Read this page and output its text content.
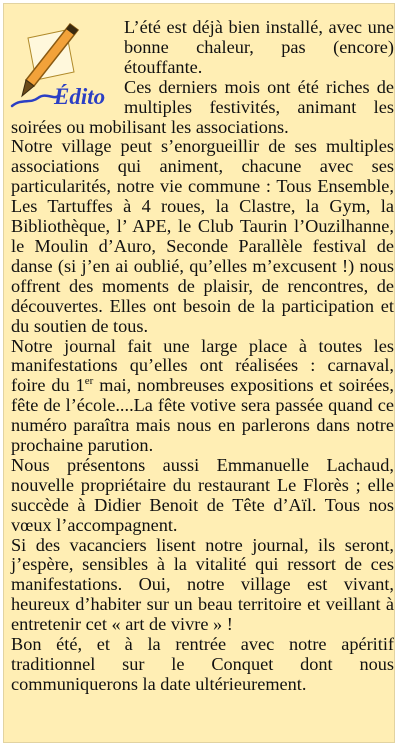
Édito

L’été est déjà bien installé, avec une bonne chaleur, pas (encore) étouffante.

Ces derniers mois ont été riches de multiples festivités, animant les soirées ou mobilisant les associations.

Notre village peut s’enorgueillir de ses multiples associations qui animent, chacune avec ses particularités, notre vie commune : Tous Ensemble, Les Tartuffes à 4 roues, la Clastre, la Gym, la Bibliothèque, l’ APE, le Club Taurin l’Ouzilhanne, le Moulin d’Auro, Seconde Parallèle festival de danse (si j’en ai oublié, qu’elles m’excusent !) nous offrent des moments de plaisir, de rencontres, de découvertes. Elles ont besoin de la participation et du soutien de tous.

Notre journal fait une large place à toutes les manifestations qu’elles ont réalisées : carnaval, foire du 1er mai, nombreuses expositions et soirées, fête de l’école....La fête votive sera passée quand ce numéro paraîtra mais nous en parlerons dans notre prochaine parution.

Nous présentons aussi Emmanuelle Lachaud, nouvelle propriétaire du restaurant Le Florès ; elle succède à Didier Benoit de Tête d’Aïl. Tous nos vœux l’accompagnent.

Si des vacanciers lisent notre journal, ils seront, j’espère, sensibles à la vitalité qui ressort de ces manifestations. Oui, notre village est vivant, heureux d’habiter sur un beau territoire et veillant à entretenir cet « art de vivre » !

Bon été, et à la rentrée avec notre apéritif traditionnel sur le Conquet dont nous communiquerons la date ultérieurement.
